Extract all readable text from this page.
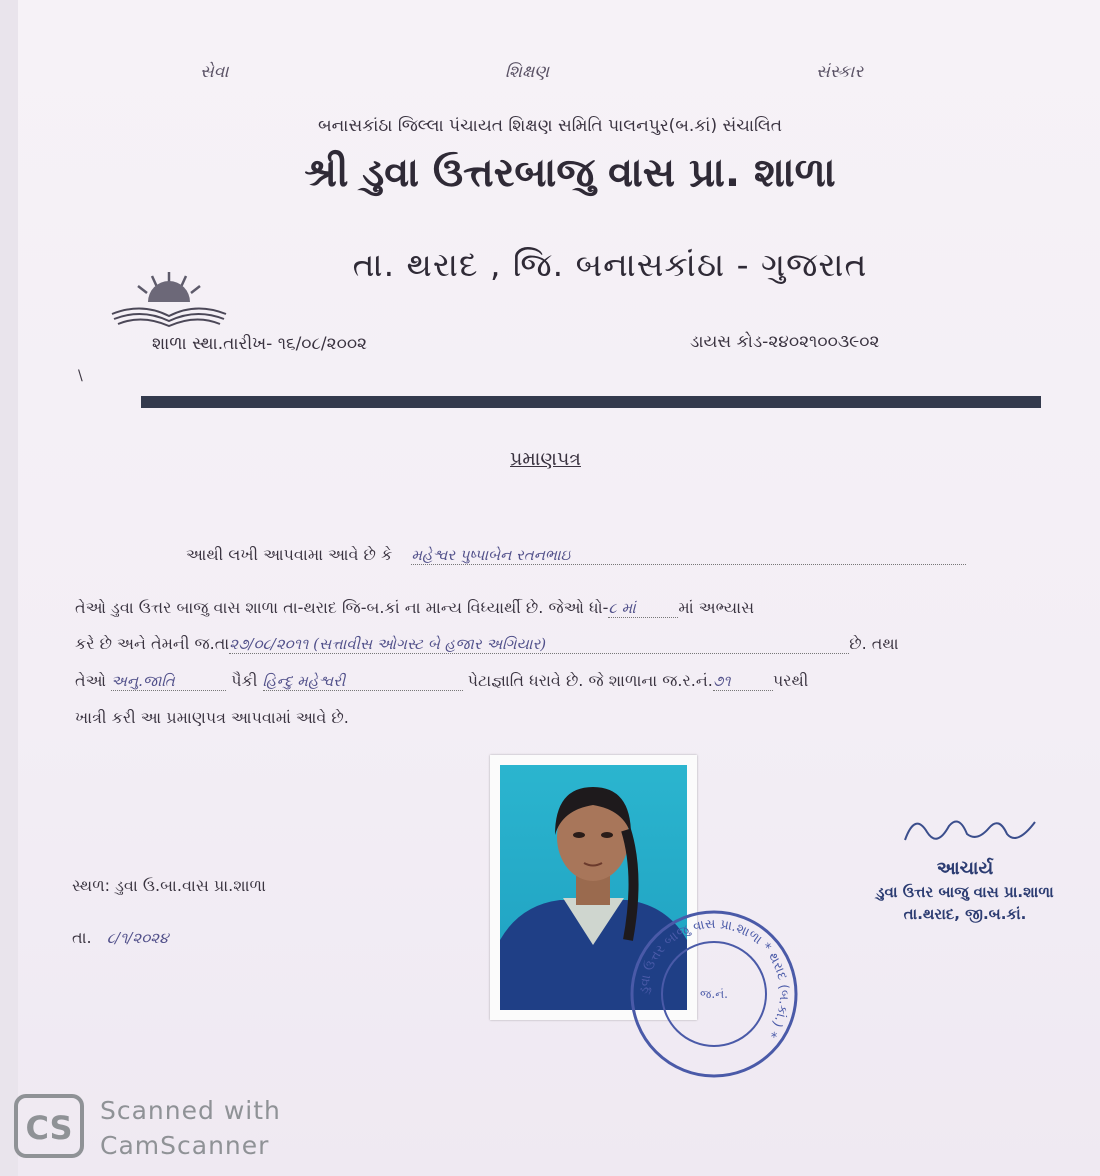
સેવા	શિક્ષણ	સંસ્કાર
બનાસકાંઠા જિલ્લા પંચાયત શિક્ષણ સમિતિ પાલનપુર(બ.કાં) સંચાલિત
શ્રી ડુવા ઉત્તરબાજુ વાસ પ્રા. શાળા
તા. થરાદ , જિ. બનાસકાંઠા - ગુજરાત
શાળા સ્થા.તારીખ- ૧૬/૦૮/૨૦૦૨	ડાયસ કોડ-૨૪૦૨૧૦૦૩૯૦૨
\
પ્રમાણપત્ર
આથી લખી આપવામા આવે છે કે મહેશ્વર પુષ્પાબેન રતનભાઇ
તેઓ ડુવા ઉત્તર બાજુ વાસ શાળા તા-થરાદ જિ-બ.કાં ના માન્ય વિધ્યાર્થી છે. જેઓ ધો-૮ માં	માં અભ્યાસ
કરે છે અને તેમની જ.તા૨૭/૦૮/૨૦૧૧ (સત્તાવીસ ઓગસ્ટ બે હજાર અગિયાર)	છે. તથા
તેઓ અનુ.જાતિ	પૈકી હિન્દુ મહેશ્વરી	પેટાજ્ઞાતિ ધરાવે છે. જે શાળાના જ.ર.નં.૭૧	પરથી
ખાત્રી કરી આ પ્રમાણપત્ર આપવામાં આવે છે.
ડુવા ઉત્તર બાજુ વાસ પ્રા.શાળા * થરાદ (બ.કાં.) *
જ.નં.
આચાર્ય
ડુવા ઉત્તર બાજુ વાસ પ્રા.શાળા
તા.થરાદ, જી.બ.કાં.
સ્થળ: ડુવા ઉ.બા.વાસ પ્રા.શાળા
તા. ૮/૧/૨૦૨૪
CS Scanned with
CamScanner
